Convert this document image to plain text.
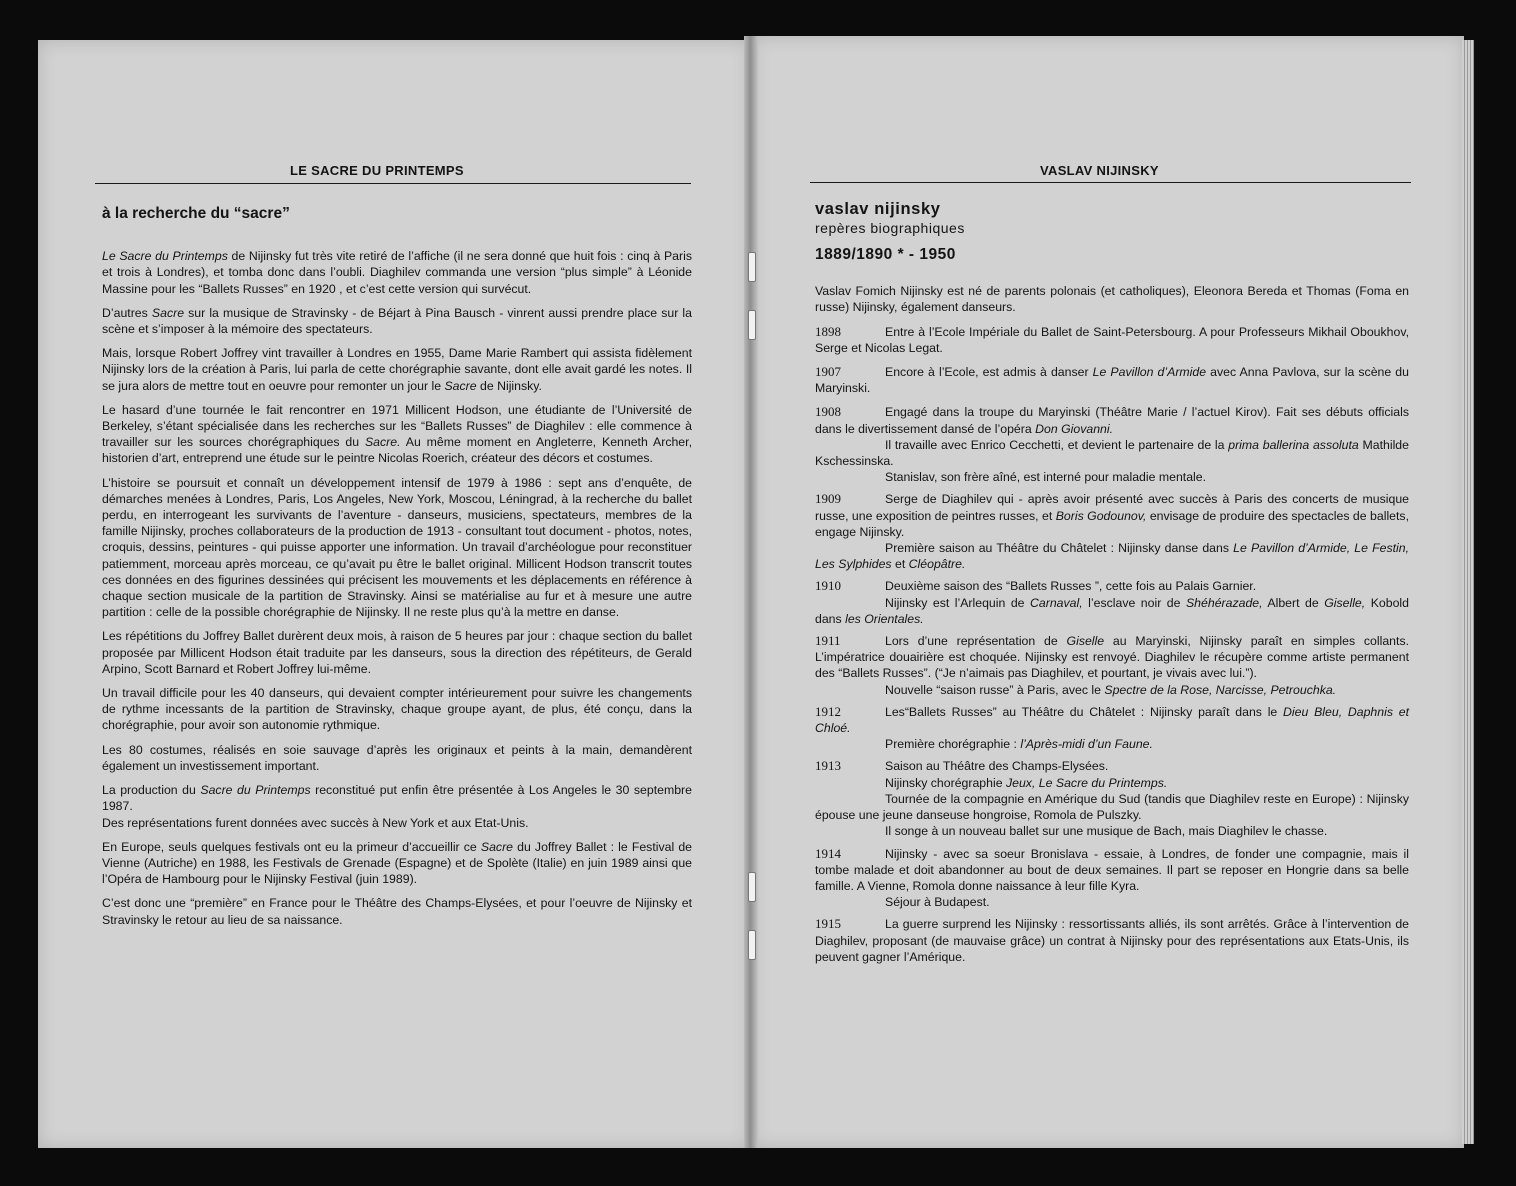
LE SACRE DU PRINTEMPS
à la recherche du “sacre”

Le Sacre du Printemps de Nijinsky fut très vite retiré de l’affiche (il ne sera donné que huit fois : cinq à Paris et trois à Londres), et tomba donc dans l’oubli. Diaghilev commanda une version “plus simple” à Léonide Massine pour les “Ballets Russes” en 1920 , et c’est cette version qui survécut.

D’autres Sacre sur la musique de Stravinsky - de Béjart à Pina Bausch - vinrent aussi prendre place sur la scène et s’imposer à la mémoire des spectateurs.

Mais, lorsque Robert Joffrey vint travailler à Londres en 1955, Dame Marie Rambert qui assista fidèlement Nijinsky lors de la création à Paris, lui parla de cette chorégraphie savante, dont elle avait gardé les notes. Il se jura alors de mettre tout en oeuvre pour remonter un jour le Sacre de Nijinsky.

Le hasard d’une tournée le fait rencontrer en 1971 Millicent Hodson, une étudiante de l’Université de Berkeley, s’étant spécialisée dans les recherches sur les “Ballets Russes” de Diaghilev : elle commence à travailler sur les sources chorégraphiques du Sacre. Au même moment en Angleterre, Kenneth Archer, historien d’art, entreprend une étude sur le peintre Nicolas Roerich, créateur des décors et costumes.

L’histoire se poursuit et connaît un développement intensif de 1979 à 1986 : sept ans d’enquête, de démarches menées à Londres, Paris, Los Angeles, New York, Moscou, Léningrad, à la recherche du ballet perdu, en interrogeant les survivants de l’aventure - danseurs, musiciens, spectateurs, membres de la famille Nijinsky, proches collaborateurs de la production de 1913 - consultant tout document - photos, notes, croquis, dessins, peintures - qui puisse apporter une information. Un travail d’archéologue pour reconstituer patiemment, morceau après morceau, ce qu’avait pu être le ballet original. Millicent Hodson transcrit toutes ces données en des figurines dessinées qui précisent les mouvements et les déplacements en référence à chaque section musicale de la partition de Stravinsky. Ainsi se matérialise au fur et à mesure une autre partition : celle de la possible chorégraphie de Nijinsky. Il ne reste plus qu’à la mettre en danse.

Les répétitions du Joffrey Ballet durèrent deux mois, à raison de 5 heures par jour : chaque section du ballet proposée par Millicent Hodson était traduite par les danseurs, sous la direction des répétiteurs, de Gerald Arpino, Scott Barnard et Robert Joffrey lui-même.

Un travail difficile pour les 40 danseurs, qui devaient compter intérieurement pour suivre les changements de rythme incessants de la partition de Stravinsky, chaque groupe ayant, de plus, été conçu, dans la chorégraphie, pour avoir son autonomie rythmique.

Les 80 costumes, réalisés en soie sauvage d’après les originaux et peints à la main, demandèrent également un investissement important.

La production du Sacre du Printemps reconstitué put enfin être présentée à Los Angeles le 30 septembre 1987.
Des représentations furent données avec succès à New York et aux Etat-Unis.

En Europe, seuls quelques festivals ont eu la primeur d’accueillir ce Sacre du Joffrey Ballet : le Festival de Vienne (Autriche) en 1988, les Festivals de Grenade (Espagne) et de Spolète (Italie) en juin 1989 ainsi que l’Opéra de Hambourg pour le Nijinsky Festival (juin 1989).

C’est donc une “première” en France pour le Théâtre des Champs-Elysées, et pour l’oeuvre de Nijinsky et Stravinsky le retour au lieu de sa naissance.

VASLAV NIJINSKY
vaslav nijinsky
repères biographiques
1889/1890 * - 1950

Vaslav Fomich Nijinsky est né de parents polonais (et catholiques), Eleonora Bereda et Thomas (Foma en russe) Nijinsky, également danseurs.

1898	Entre à l’Ecole Impériale du Ballet de Saint-Petersbourg. A pour Professeurs Mikhail Oboukhov, Serge et Nicolas Legat.

1907	Encore à l’Ecole, est admis à danser Le Pavillon d’Armide avec Anna Pavlova, sur la scène du Maryinski.

1908	Engagé dans la troupe du Maryinski (Théâtre Marie / l’actuel Kirov). Fait ses débuts officials dans le divertissement dansé de l’opéra Don Giovanni.
Il travaille avec Enrico Cecchetti, et devient le partenaire de la prima ballerina assoluta Mathilde Kschessinska.
Stanislav, son frère aîné, est interné pour maladie mentale.
1909	Serge de Diaghilev qui - après avoir présenté avec succès à Paris des concerts de musique russe, une exposition de peintres russes, et Boris Godounov, envisage de produire des spectacles de ballets, engage Nijinsky.
Première saison au Théâtre du Châtelet : Nijinsky danse dans Le Pavillon d’Armide, Le Festin, Les Sylphides et Cléopâtre.
1910	Deuxième saison des “Ballets Russes ”, cette fois au Palais Garnier.
Nijinsky est l’Arlequin de Carnaval, l’esclave noir de Shéhérazade, Albert de Giselle, Kobold dans les Orientales.
1911	Lors d’une représentation de Giselle au Maryinski, Nijinsky paraît en simples collants. L’impératrice douairière est choquée. Nijinsky est renvoyé. Diaghilev le récupère comme artiste permanent des “Ballets Russes”. (“Je n’aimais pas Diaghilev, et pourtant, je vivais avec lui.”).
Nouvelle “saison russe” à Paris, avec le Spectre de la Rose, Narcisse, Petrouchka.
1912	Les“Ballets Russes” au Théâtre du Châtelet : Nijinsky paraît dans le Dieu Bleu, Daphnis et Chloé.
Première chorégraphie : l’Après-midi d’un Faune.
1913	Saison au Théâtre des Champs-Elysées.
Nijinsky chorégraphie Jeux, Le Sacre du Printemps.
Tournée de la compagnie en Amérique du Sud (tandis que Diaghilev reste en Europe) : Nijinsky épouse une jeune danseuse hongroise, Romola de Pulszky.
Il songe à un nouveau ballet sur une musique de Bach, mais Diaghilev le chasse.
1914	Nijinsky - avec sa soeur Bronislava - essaie, à Londres, de fonder une compagnie, mais il tombe malade et doit abandonner au bout de deux semaines. Il part se reposer en Hongrie dans sa belle famille. A Vienne, Romola donne naissance à leur fille Kyra.
Séjour à Budapest.

1915	La guerre surprend les Nijinsky : ressortissants alliés, ils sont arrêtés. Grâce à l’intervention de Diaghilev, proposant (de mauvaise grâce) un contrat à Nijinsky pour des représentations aux Etats-Unis, ils peuvent gagner l’Amérique.
